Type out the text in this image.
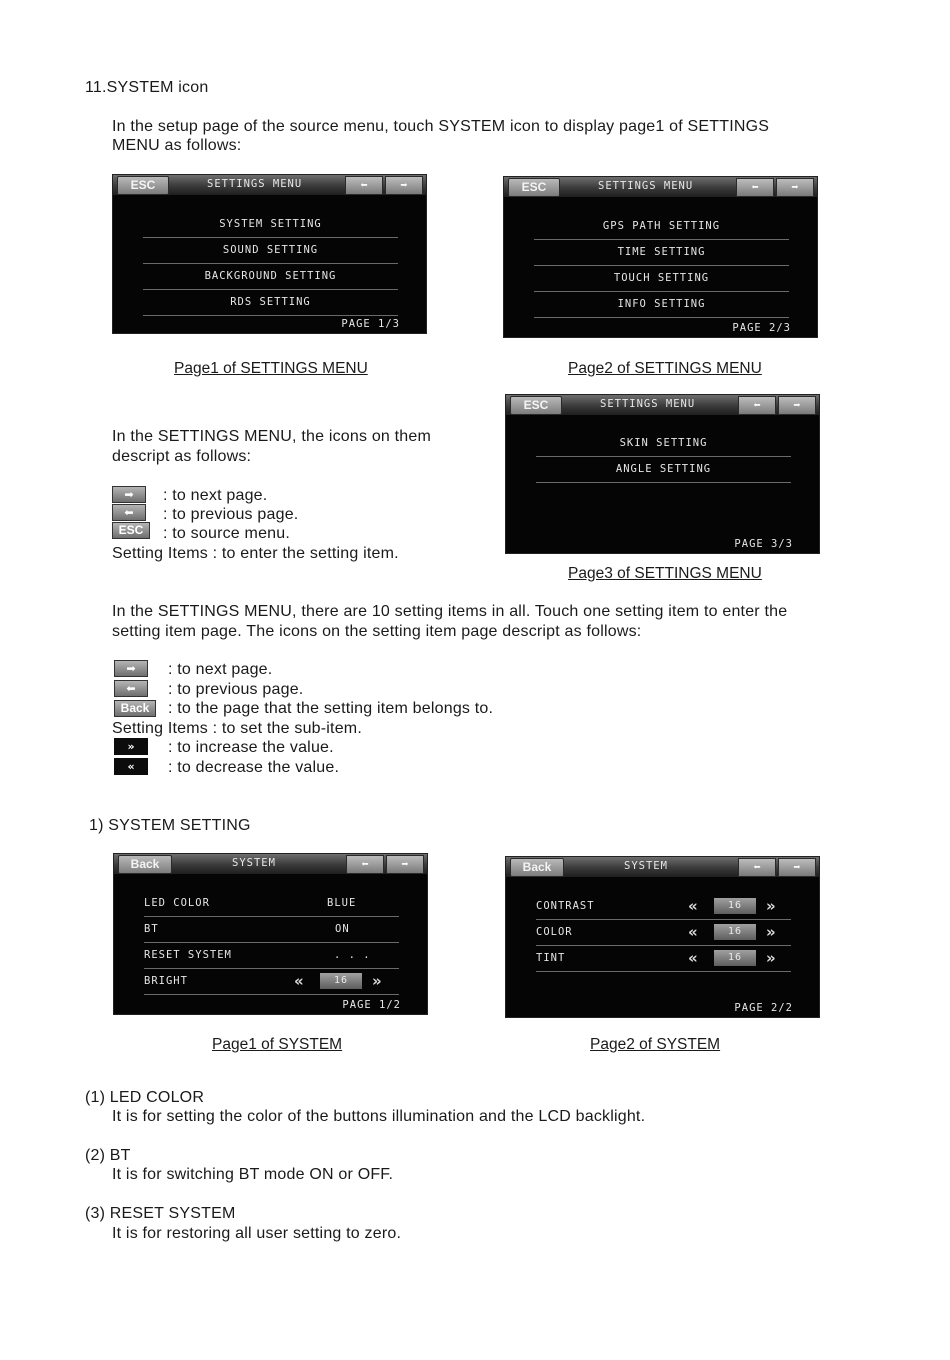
11.SYSTEM icon
In the setup page of the source menu, touch SYSTEM icon to display page1 of SETTINGS
MENU as follows:
ESC	SETTINGS MENU	⬅	➡
SYSTEM SETTING
SOUND SETTING
BACKGROUND SETTING
RDS SETTING
PAGE 1/3
ESC	SETTINGS MENU	⬅	➡
GPS PATH SETTING
TIME SETTING
TOUCH SETTING
INFO SETTING
PAGE 2/3
Page1 of SETTINGS MENU	Page2 of SETTINGS MENU
ESC	SETTINGS MENU	⬅	➡
SKIN SETTING
ANGLE SETTING
PAGE 3/3
Page3 of SETTINGS MENU
In the SETTINGS MENU, the icons on them
descript as follows:
➡	: to next page.
⬅	: to previous page.
ESC	: to source menu.
Setting Items : to enter the setting item.
In the SETTINGS MENU, there are 10 setting items in all. Touch one setting item to enter the
setting item page. The icons on the setting item page descript as follows:
➡	: to next page.
⬅	: to previous page.
Back	: to the page that the setting item belongs to.
Setting Items : to set the sub-item.
»	: to increase the value.
«	: to decrease the value.
1) SYSTEM SETTING
Back	SYSTEM	⬅	➡
LED COLOR	BLUE
BT	ON
RESET SYSTEM	. . .
BRIGHT	«	16	»
PAGE 1/2
Back	SYSTEM	⬅	➡
CONTRAST	«	16	»
COLOR	«	16	»
TINT	«	16	»
PAGE 2/2
Page1 of SYSTEM	Page2 of SYSTEM
(1) LED COLOR
It is for setting the color of the buttons illumination and the LCD backlight.
(2) BT
It is for switching BT mode ON or OFF.
(3) RESET SYSTEM
It is for restoring all user setting to zero.
